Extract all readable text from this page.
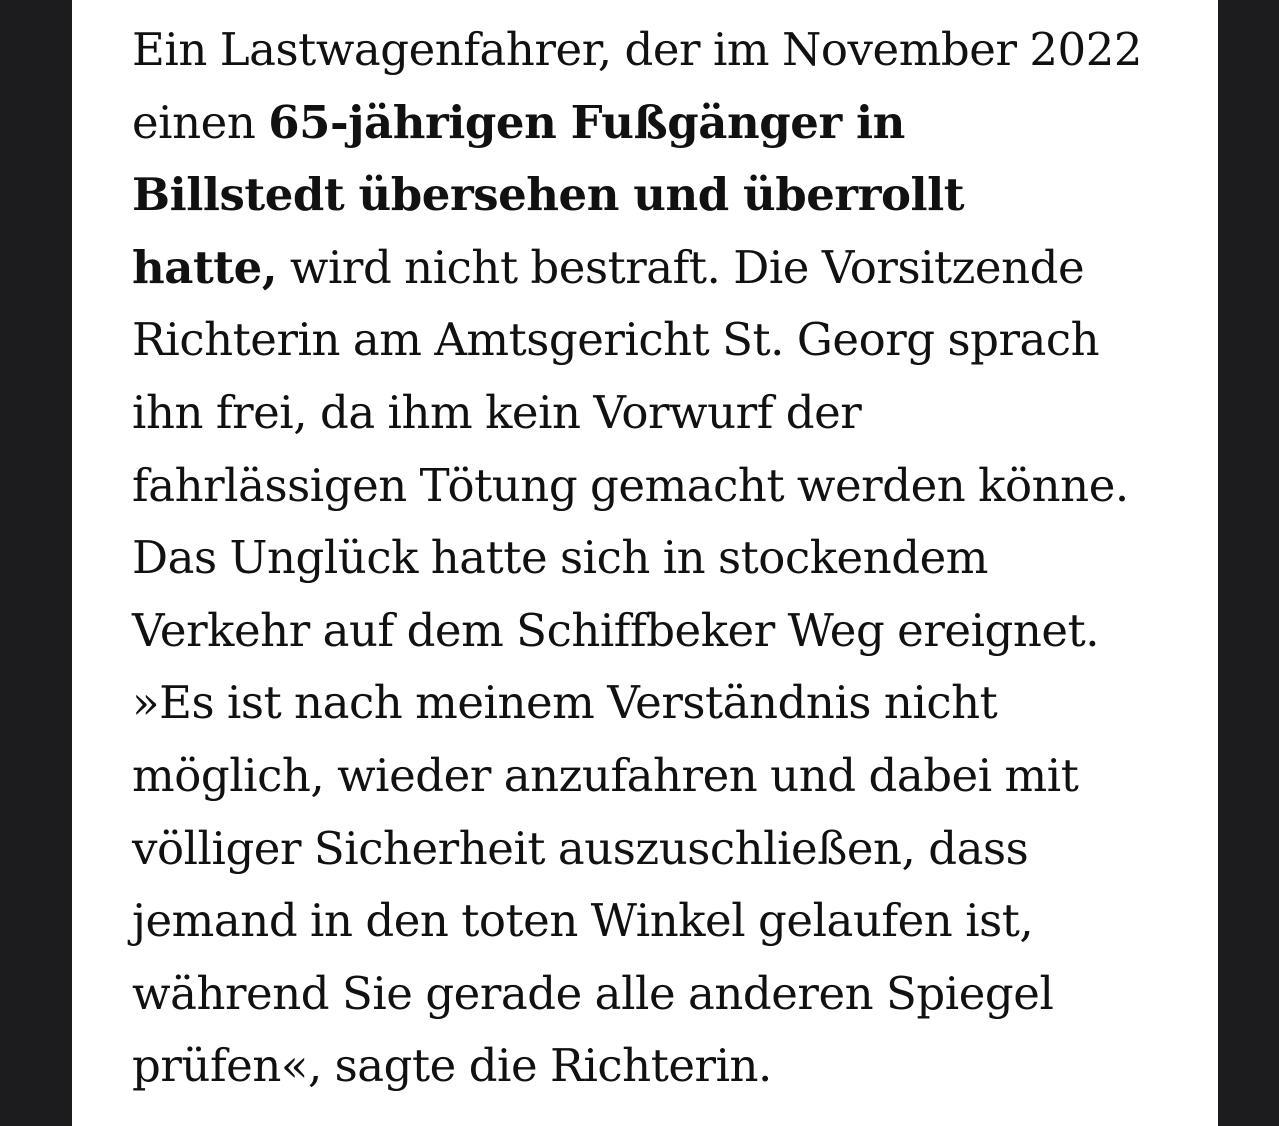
Ein Lastwagenfahrer, der im November 2022
einen 65-jährigen Fußgänger in
Billstedt übersehen und überrollt
hatte, wird nicht bestraft. Die Vorsitzende
Richterin am Amtsgericht St. Georg sprach
ihn frei, da ihm kein Vorwurf der
fahrlässigen Tötung gemacht werden könne.
Das Unglück hatte sich in stockendem
Verkehr auf dem Schiffbeker Weg ereignet.
»Es ist nach meinem Verständnis nicht
möglich, wieder anzufahren und dabei mit
völliger Sicherheit auszuschließen, dass
jemand in den toten Winkel gelaufen ist,
während Sie gerade alle anderen Spiegel
prüfen«, sagte die Richterin.
